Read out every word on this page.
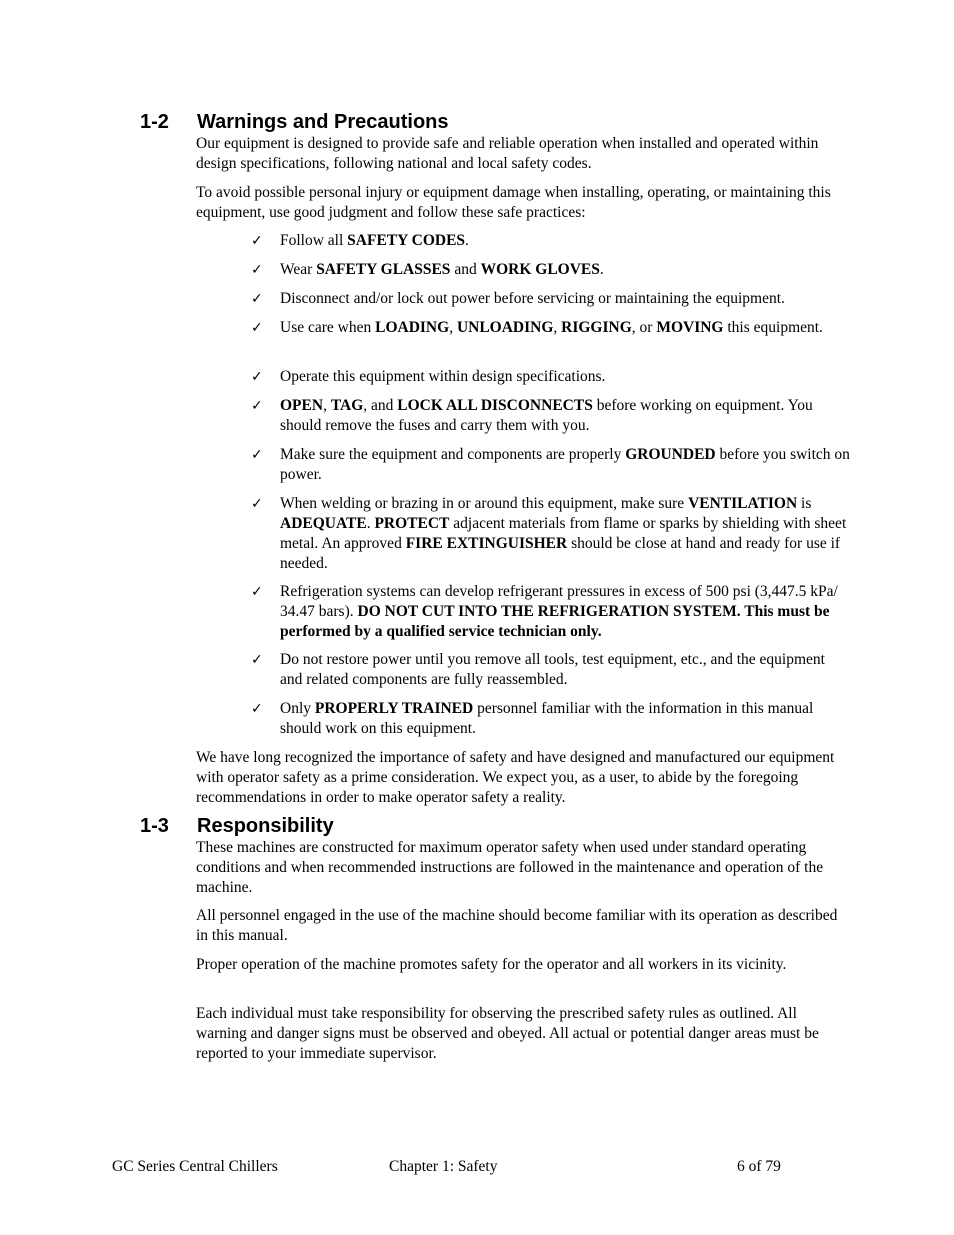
1-2 Warnings and Precautions

Our equipment is designed to provide safe and reliable operation when installed and operated within design specifications, following national and local safety codes.

To avoid possible personal injury or equipment damage when installing, operating, or maintaining this equipment, use good judgment and follow these safe practices:

✓ Follow all SAFETY CODES.

✓ Wear SAFETY GLASSES and WORK GLOVES.

✓ Disconnect and/or lock out power before servicing or maintaining the equipment.

✓ Use care when LOADING, UNLOADING, RIGGING, or MOVING this equipment.

✓ Operate this equipment within design specifications.

✓ OPEN, TAG, and LOCK ALL DISCONNECTS before working on equipment. You should remove the fuses and carry them with you.

✓ Make sure the equipment and components are properly GROUNDED before you switch on power.

✓ When welding or brazing in or around this equipment, make sure VENTILATION is ADEQUATE. PROTECT adjacent materials from flame or sparks by shielding with sheet metal. An approved FIRE EXTINGUISHER should be close at hand and ready for use if needed.

✓ Refrigeration systems can develop refrigerant pressures in excess of 500 psi (3,447.5 kPa/ 34.47 bars). DO NOT CUT INTO THE REFRIGERATION SYSTEM. This must be performed by a qualified service technician only.

✓ Do not restore power until you remove all tools, test equipment, etc., and the equipment and related components are fully reassembled.

✓ Only PROPERLY TRAINED personnel familiar with the information in this manual should work on this equipment.

We have long recognized the importance of safety and have designed and manufactured our equipment with operator safety as a prime consideration. We expect you, as a user, to abide by the foregoing recommendations in order to make operator safety a reality.

1-3 Responsibility

These machines are constructed for maximum operator safety when used under standard operating conditions and when recommended instructions are followed in the maintenance and operation of the machine.

All personnel engaged in the use of the machine should become familiar with its operation as described in this manual.

Proper operation of the machine promotes safety for the operator and all workers in its vicinity.

Each individual must take responsibility for observing the prescribed safety rules as outlined. All warning and danger signs must be observed and obeyed. All actual or potential danger areas must be reported to your immediate supervisor.

GC Series Central Chillers	Chapter 1: Safety	6 of 79
